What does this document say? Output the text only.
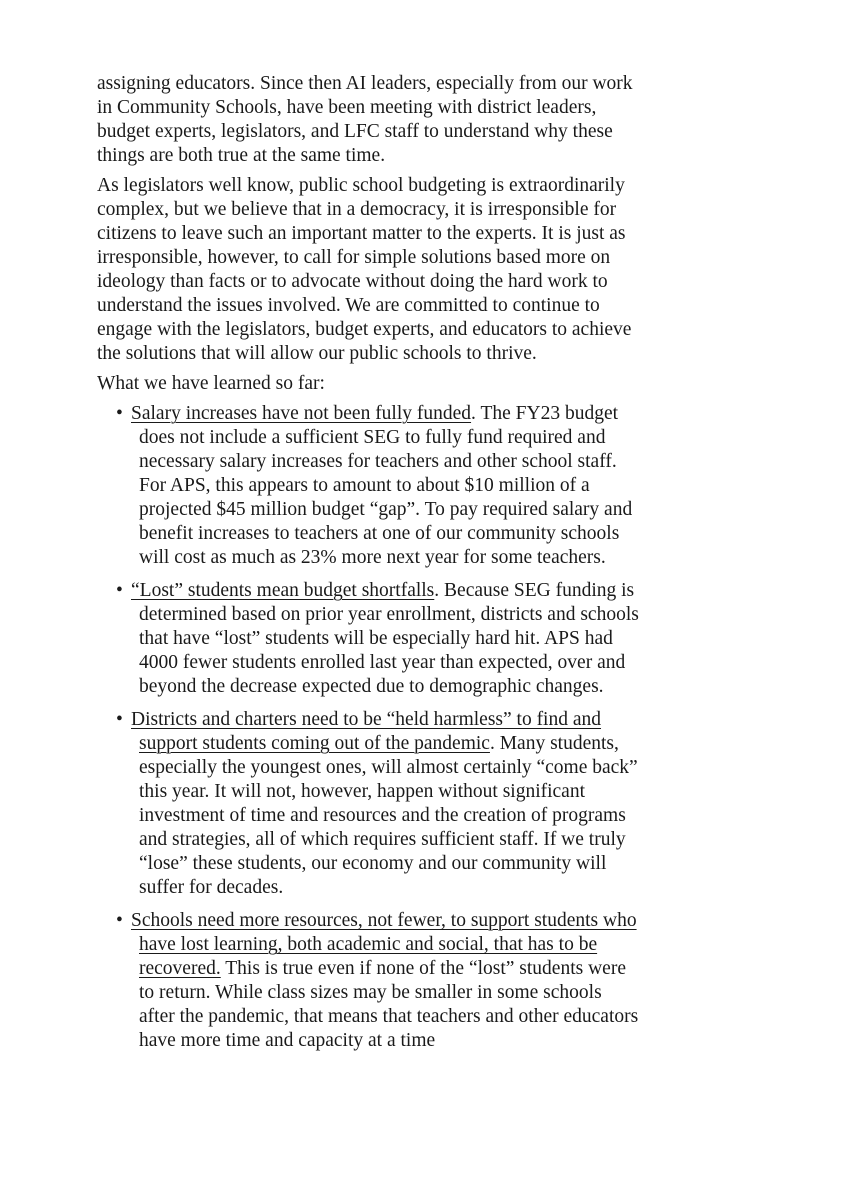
assigning educators. Since then AI leaders, especially from our work in Community Schools, have been meeting with district leaders, budget experts, legislators, and LFC staff to understand why these things are both true at the same time.

As legislators well know, public school budgeting is extraordinarily complex, but we believe that in a democracy, it is irresponsible for citizens to leave such an important matter to the experts. It is just as irresponsible, however, to call for simple solutions based more on ideology than facts or to advocate without doing the hard work to understand the issues involved. We are committed to continue to engage with the legislators, budget experts, and educators to achieve the solutions that will allow our public schools to thrive.

What we have learned so far:

• Salary increases have not been fully funded. The FY23 budget does not include a sufficient SEG to fully fund required and necessary salary increases for teachers and other school staff. For APS, this appears to amount to about $10 million of a projected $45 million budget “gap”. To pay required salary and benefit increases to teachers at one of our community schools will cost as much as 23% more next year for some teachers.
• “Lost” students mean budget shortfalls. Because SEG funding is determined based on prior year enrollment, districts and schools that have “lost” students will be especially hard hit. APS had 4000 fewer students enrolled last year than expected, over and beyond the decrease expected due to demographic changes.
• Districts and charters need to be “held harmless” to find and support students coming out of the pandemic. Many students, especially the youngest ones, will almost certainly “come back” this year. It will not, however, happen without significant investment of time and resources and the creation of programs and strategies, all of which requires sufficient staff. If we truly “lose” these students, our economy and our community will suffer for decades.
• Schools need more resources, not fewer, to support students who have lost learning, both academic and social, that has to be recovered. This is true even if none of the “lost” students were to return. While class sizes may be smaller in some schools after the pandemic, that means that teachers and other educators have more time and capacity at a time
